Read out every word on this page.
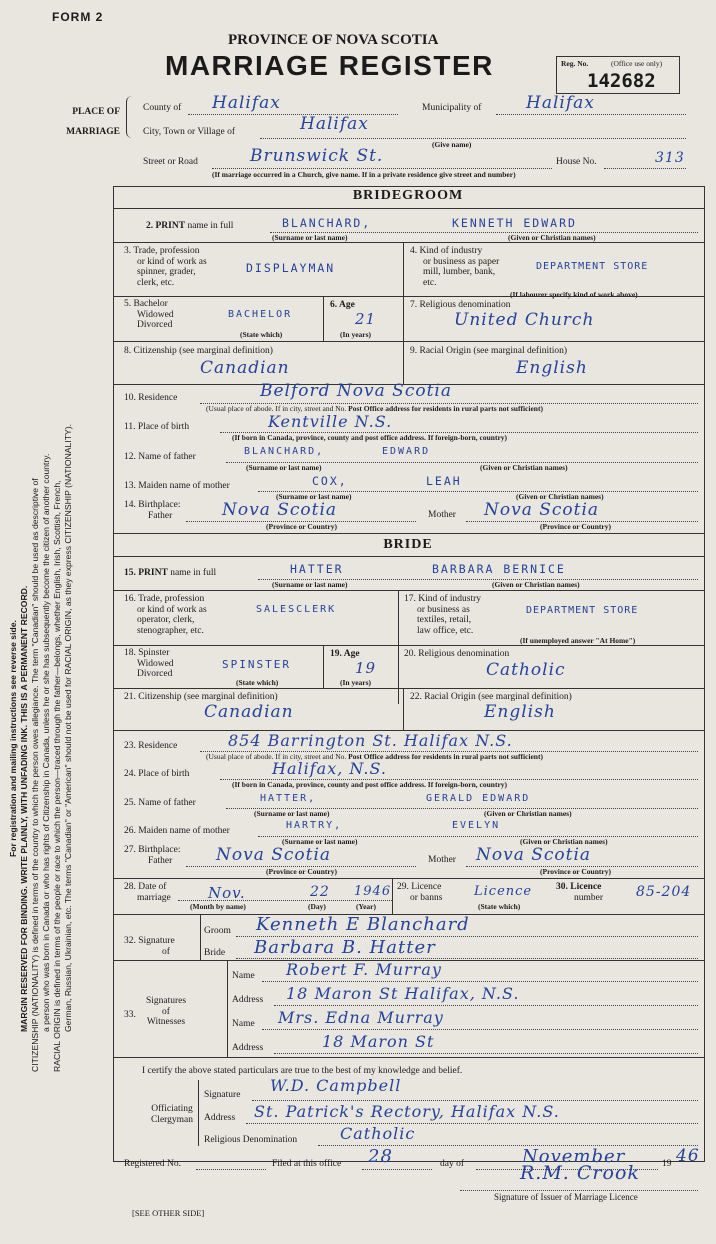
FORM 2
PROVINCE OF NOVA SCOTIA
MARRIAGE REGISTER	Reg. No.	(Office use only)
142682
PLACE OF
MARRIAGE
County of Halifax	Municipality of	Halifax
City, Town or Village of	Halifax
(Give name)
Street or Road	Brunswick St.	House No.	313
(If marriage occurred in a Church, give name. If in a private residence give street and number)
BRIDEGROOM
2. PRINT name in full	BLANCHARD,	KENNETH EDWARD
(Surname or last name)	(Given or Christian names)
3. Trade, profession
or kind of work as
spinner, grader,
clerk, etc.
DISPLAYMAN
4. Kind of industry
or business as paper
mill, lumber, bank,
etc.
DEPARTMENT STORE
(If labourer specify kind of work above)
5. Bachelor
Widowed
Divorced
BACHELOR
(State which)
6. Age
21
(In years)
7. Religious denomination
United Church
8. Citizenship (see marginal definition)
Canadian
9. Racial Origin (see marginal definition)
English
10. Residence	Belford Nova Scotia
(Usual place of abode. If in city, street and No. Post Office address for residents in rural parts not sufficient)
11. Place of birth	Kentville N.S.
(If born in Canada, province, county and post office address. If foreign-born, country)
12. Name of father	BLANCHARD,	EDWARD
(Surname or last name)	(Given or Christian names)
13. Maiden name of mother	COX,	LEAH
(Surname or last name)	(Given or Christian names)
14. Birthplace:
Father	Nova Scotia	Mother Nova Scotia
(Province or Country)	(Province or Country)
BRIDE
15. PRINT name in full	HATTER	BARBARA BERNICE
(Surname or last name)	(Given or Christian names)
16. Trade, profession
or kind of work as
operator, clerk,
stenographer, etc.
SALESCLERK
17. Kind of industry
or business as
textiles, retail,
law office, etc.
DEPARTMENT STORE
(If unemployed answer "At Home")
18. Spinster
Widowed
Divorced
SPINSTER
(State which)
19. Age
19
(In years)
20. Religious denomination
Catholic
21. Citizenship (see marginal definition)
Canadian
22. Racial Origin (see marginal definition)
English
23. Residence	854 Barrington St. Halifax N.S.
(Usual place of abode. If in city, street and No. Post Office address for residents in rural parts not sufficient)
24. Place of birth	Halifax, N.S.
(If born in Canada, province, county and post office address. If foreign-born, country)
25. Name of father	HATTER,	GERALD EDWARD
(Surname or last name)	(Given or Christian names)
26. Maiden name of mother	HARTRY,	EVELYN
(Surname or last name)	(Given or Christian names)
27. Birthplace:
Father	Nova Scotia	Mother Nova Scotia
(Province or Country)	(Province or Country)
28. Date of
marriage Nov.	22 1946
(Month by name)	(Day)	(Year)
29. Licence
or banns Licence
(State which)
30. Licence
number 85-204
32. Signature
of
Groom Kenneth E Blanchard
Bride Barbara B. Hatter
33.
Signatures
of
Witnesses
Name Robert F. Murray
Address 18 Maron St Halifax, N.S.
Name Mrs. Edna Murray
Address	18 Maron St
I certify the above stated particulars are true to the best of my knowledge and belief.
Officiating
Clergyman
Signature W.D. Campbell
Address St. Patrick's Rectory, Halifax N.S.
Religious Denomination	Catholic
Registered No.	Filed at this office 28	day of	November	19 46
R.M. Crook
Signature of Issuer of Marriage Licence
[SEE OTHER SIDE]
For registration and mailing instructions see reverse side. MARGIN RESERVED FOR BINDING. WRITE PLAINLY, WITH UNFADING INK. THIS IS A PERMANENT RECORD. CITIZENSHIP (NATIONALITY) is defined in terms of the country to which the person owes allegiance. The term "Canadian" should be used as descriptive of a person who was born in Canada or who has rights of Citizenship in Canada, unless he or she has subsequently become the citizen of another country. RACIAL ORIGIN is defined in terms of the people or race to which the person—traced through the father—belongs, whether English, Irish, Scottish, French, German, Russian, Ukrainian, etc. The terms "Canadian" or "American" should not be used for RACIAL ORIGIN, as they express CITIZENSHIP (NATIONALITY).
